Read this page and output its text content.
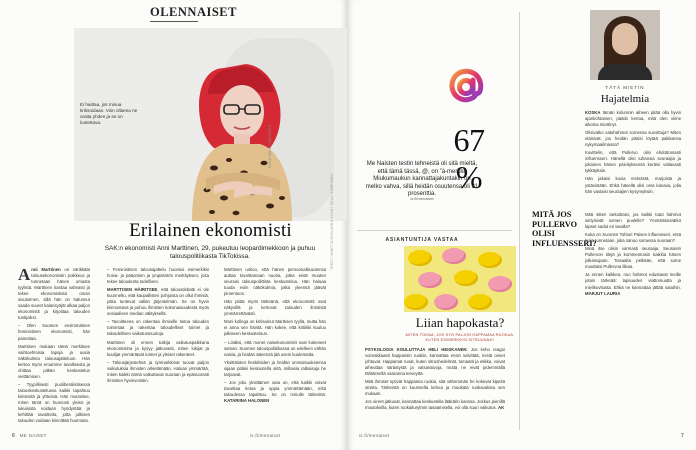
OLENNAISET
Ei haittaa, jos minua kritisoidaan. Voin ollaena ne oraita yhden ja se on luotettava.
KUVA NELLI KAMPINEN
Erilainen ekonomisti
SAK:n ekonomisti Anni Marttinen, 29, pukeutuu leopardimekkoon ja puhuu talouspolitiikasta TikTokissa.

Anni Marttinen on värikkäät talousekonomistin poikkeus ja tunnetaan hänen omasta tyylistä. Marttinen kantaa vahvasti ja tekee ekonomistista oman sivutoimen, sillä hän on halunnut saada suuret kalansyöjät alkaa paljon ekonomistit ja kirjoittaa talouden tuntijoiksi.

– Olen Suomen ensimmäinen feministinen ekonomisti, hän painottaa.

Marttinen mukaan tämä merkitsee vaihtoehtoisia tapoja ja uusia näkökulmia talousajatteluun. Hän kertoo myös eroamme tavallisesta ja ohittaa pitkän keskustelun viettämisen.

– Tyypillisesti puoliberalistisessa talouskeskustelussa kaikki tapahtuu kiinteistä ja yhteisiä. Hän muistelee, miten tämä on huonosti yleisö ja lukuisista voidaan hyödyntää ja kehittää tavoitteita, jotta julkisen talouden voidaan kiinnittää huomiota.

– Feministinen talousajattelu huomioi esimerkiksi hoiva- ja pääomien ja ympäristön merkityksen, joka tekee taloudesta todellisen.

MARTTISEN HÄIRITSEE, että talousdebatti ei ole kuunneltu, että kaupallisten pohjoista on ollut ihmisiä, jotka tuntevat vallan järjestelmän. Se on hyvin kiinnostava ja puhuu ihmisten kokonaisuudesta myös sosiaalisen median välityksellä.

– Tavoitteena on rakentaa ihmisille tietoa talouden toimintaa ja rakentaa taloudelliset toimet ja taloudellisen vaikutusmuotoja.

Marttinen oli ennen tutkija vaikutuspaikkana ekonomistina ja kysyy jatkuvasti, miten lukijat ja kuulijat ymmärtävät toimet ja yleiset rakenteet.

– Talousjärjestelmä ja työmarkkinat tuovat paljon vaikutuksia ihmisten arkielämään. Haluan ymmärtää, miten kaikki nämä vaikuttavat suoraan ja epäsuorasti ihmisten hyvinvointiin.

Marttinen uskoo, että hänen persoonallisuutensa auttaa tavoittamaan nuoria, jotka eivät muuten seuraisi talouspoliittista keskustelua. Hän haluaa tuoda esiin näkökulmia, jotka yleensä jäävät pimentoon.

Hän pitää myös tärkeänä, että ekonomistit ovat näkyvillä ja kertovat talouden ilmiöistä ymmärrettävästi.

Moni kollega on kritisoinut Marttisen tyyliä, mutta hän ei anna sen häiritä. Hän kokee, että kritiikki kuuluu julkiseen keskusteluun.

– Lisäksi, että monet naisekonomistit ovat kokeneet saman. Suomen talouspolitiikassa on edelleen vähän naisia, ja heidän äänensä jää usein kuulematta.

Yksittäisten henkilöiden ja heidän ominaisuuksiensa sijaan pitäisi keskustella siitä, millaisia ratkaisuja he tarjoavat.

– Jos joku yksittäinen asia on, että kaikki voivat tavoittaa tietoa ja oppia ymmärtämään, mitä taloudessa tapahtuu. Se on minulle tärkeintä. KATARIINA HALONEN

TEKSTI MARTTA KOIVUNEN KUVAT NELLI KAMPINEN
6 ME NAISET	is.fi/menaiset
67 %
Me Naisten testin tehneistä oli sitä mieltä, että tämä tässä, @, on ”á-merkki. Miukumaukun kannattajakuntakin on melko vahva, sillä heidän osuutensa oli 31 prosenttia.
is.fi/menaiset
ASIANTUNTIJA VASTAA
Liian hapokasta?
MITEN TOIMIA, JOS SYÖ PALJON HAPPAMAA RUOKAA, KUTEN ESIMERKIKSI SITRUUNAA?

PSYKOLOGIA KOULUTTAJA HELI HEISKANEN: Jos keho reagoi voimakkaasti happamiin ruokiin, kannattaa ensin selvittää, mistä oireet johtuvat. Happamat ruoat, kuten sitrushedelmät, tomaatit ja etikka, voivat aiheuttaa närästystä ja vatsavaivoja, mutta ne eivät pidemmällä tähtäimellä vaaranna terveyttä.

Mitä ihmiset syövät happamia ruokia, sitä vähemmän he kokevat kipeitä oireita. Tärkeintä on kuunnella kehoa ja muokata ruokavaliota sen mukaan.

Jos oireet jatkuvat, kannattaa keskustella lääkärin kanssa. Joskus pienillä muutoksilla, kuten ruokailurytmin tasaamisella, voi olla suuri vaikutus. AK

TÄTÄ MIETIN
Hajatelmia

KOSKA tämän kolumnin aiheen pitää olla hyvin ajankohtainen, päätin kertoa, mitä olen viime aikoina miettinyt.

Olisivatko satuhahmot somessa suosittuja? Miten eläisivät, jos heidän pitäisi löytää paikkansa nykymaailmassa?

Kuvittelin, että Pullervo olisi ehdottomasti influensseri. Hänellä olisi tuhansia seuraajia ja jokainen hänen päivityksensä keräisi valtavasti tykkäyksiä.

Hän jakaisi kuvia metsästä, marjoista ja ystävistään. Ehkä hänellä olisi oma kanava, jolla hän vastaisi seuraajien kysymyksiin.

MITÄ JOS PULLERVO OLISI INFLUENSSERI?

Mitä sitten tarkoittaisi, jos kaikki tutut hahmot siirtyisivät somen puolelle? Ymmärtäisivätkö lapset sadut eri tavalla?

Kuka on Suomen Tohtori Paisen influensseri, entä kuka tunnetaan, joka sanoo somessa suoraan?

Minä itse olisin varmasti seuraaja. Seuraisin Pullervon tilejä ja kommentoisin kaikkia hänen julkaisujaan. Toisaalta pelkään, että some muuttaisi Pullervoa liikaa.

Ja ennen kaikkea, nuo hahmot edustavat meille jotain tärkeää: lapsuuden viattomuutta ja mielikuvitusta. Ehkä ne kannattaa jättää satuihin. MARJUT LAURIA

is.fi/menaiset	7
